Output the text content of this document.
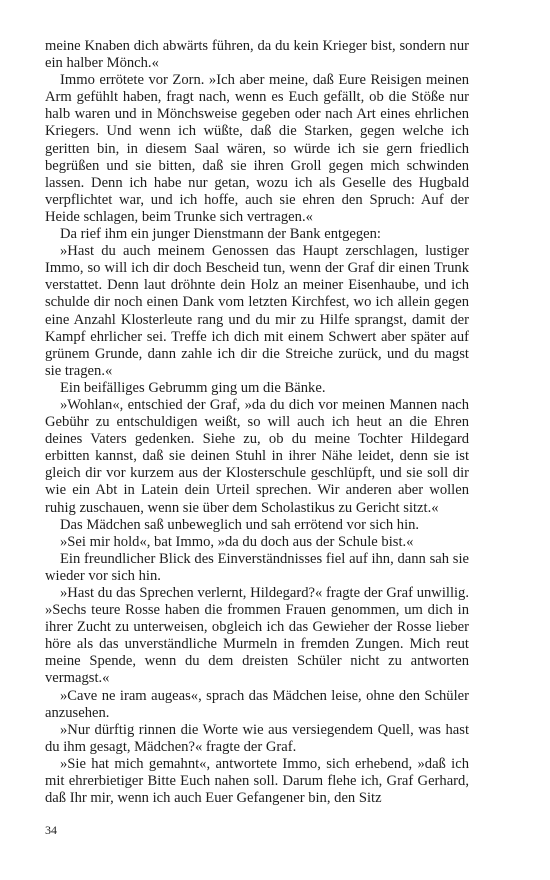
meine Knaben dich abwärts führen, da du kein Krieger bist, sondern nur ein halber Mönch.«

Immo errötete vor Zorn. »Ich aber meine, daß Eure Reisigen meinen Arm gefühlt haben, fragt nach, wenn es Euch gefällt, ob die Stöße nur halb waren und in Mönchsweise gegeben oder nach Art eines ehrlichen Kriegers. Und wenn ich wüßte, daß die Starken, gegen welche ich geritten bin, in diesem Saal wären, so würde ich sie gern friedlich begrüßen und sie bitten, daß sie ihren Groll gegen mich schwinden lassen. Denn ich habe nur getan, wozu ich als Geselle des Hugbald verpflichtet war, und ich hoffe, auch sie ehren den Spruch: Auf der Heide schlagen, beim Trunke sich vertragen.«

Da rief ihm ein junger Dienstmann der Bank entgegen:

»Hast du auch meinem Genossen das Haupt zerschlagen, lustiger Immo, so will ich dir doch Bescheid tun, wenn der Graf dir einen Trunk verstattet. Denn laut dröhnte dein Holz an meiner Eisenhaube, und ich schulde dir noch einen Dank vom letzten Kirchfest, wo ich allein gegen eine Anzahl Klosterleute rang und du mir zu Hilfe sprangst, damit der Kampf ehrlicher sei. Treffe ich dich mit einem Schwert aber später auf grünem Grunde, dann zahle ich dir die Streiche zurück, und du magst sie tragen.«

Ein beifälliges Gebrumm ging um die Bänke.

»Wohlan«, entschied der Graf, »da du dich vor meinen Mannen nach Gebühr zu entschuldigen weißt, so will auch ich heut an die Ehren deines Vaters gedenken. Siehe zu, ob du meine Tochter Hildegard erbitten kannst, daß sie deinen Stuhl in ihrer Nähe leidet, denn sie ist gleich dir vor kurzem aus der Klosterschule geschlüpft, und sie soll dir wie ein Abt in Latein dein Urteil sprechen. Wir anderen aber wollen ruhig zuschauen, wenn sie über dem Scholastikus zu Gericht sitzt.«

Das Mädchen saß unbeweglich und sah errötend vor sich hin.

»Sei mir hold«, bat Immo, »da du doch aus der Schule bist.«

Ein freundlicher Blick des Einverständnisses fiel auf ihn, dann sah sie wieder vor sich hin.

»Hast du das Sprechen verlernt, Hildegard?« fragte der Graf unwillig. »Sechs teure Rosse haben die frommen Frauen genommen, um dich in ihrer Zucht zu unterweisen, obgleich ich das Gewieher der Rosse lieber höre als das unverständliche Murmeln in fremden Zungen. Mich reut meine Spende, wenn du dem dreisten Schüler nicht zu antworten vermagst.«

»Cave ne iram augeas«, sprach das Mädchen leise, ohne den Schüler anzusehen.

»Nur dürftig rinnen die Worte wie aus versiegendem Quell, was hast du ihm gesagt, Mädchen?« fragte der Graf.

»Sie hat mich gemahnt«, antwortete Immo, sich erhebend, »daß ich mit ehrerbietiger Bitte Euch nahen soll. Darum flehe ich, Graf Gerhard, daß Ihr mir, wenn ich auch Euer Gefangener bin, den Sitz

34
